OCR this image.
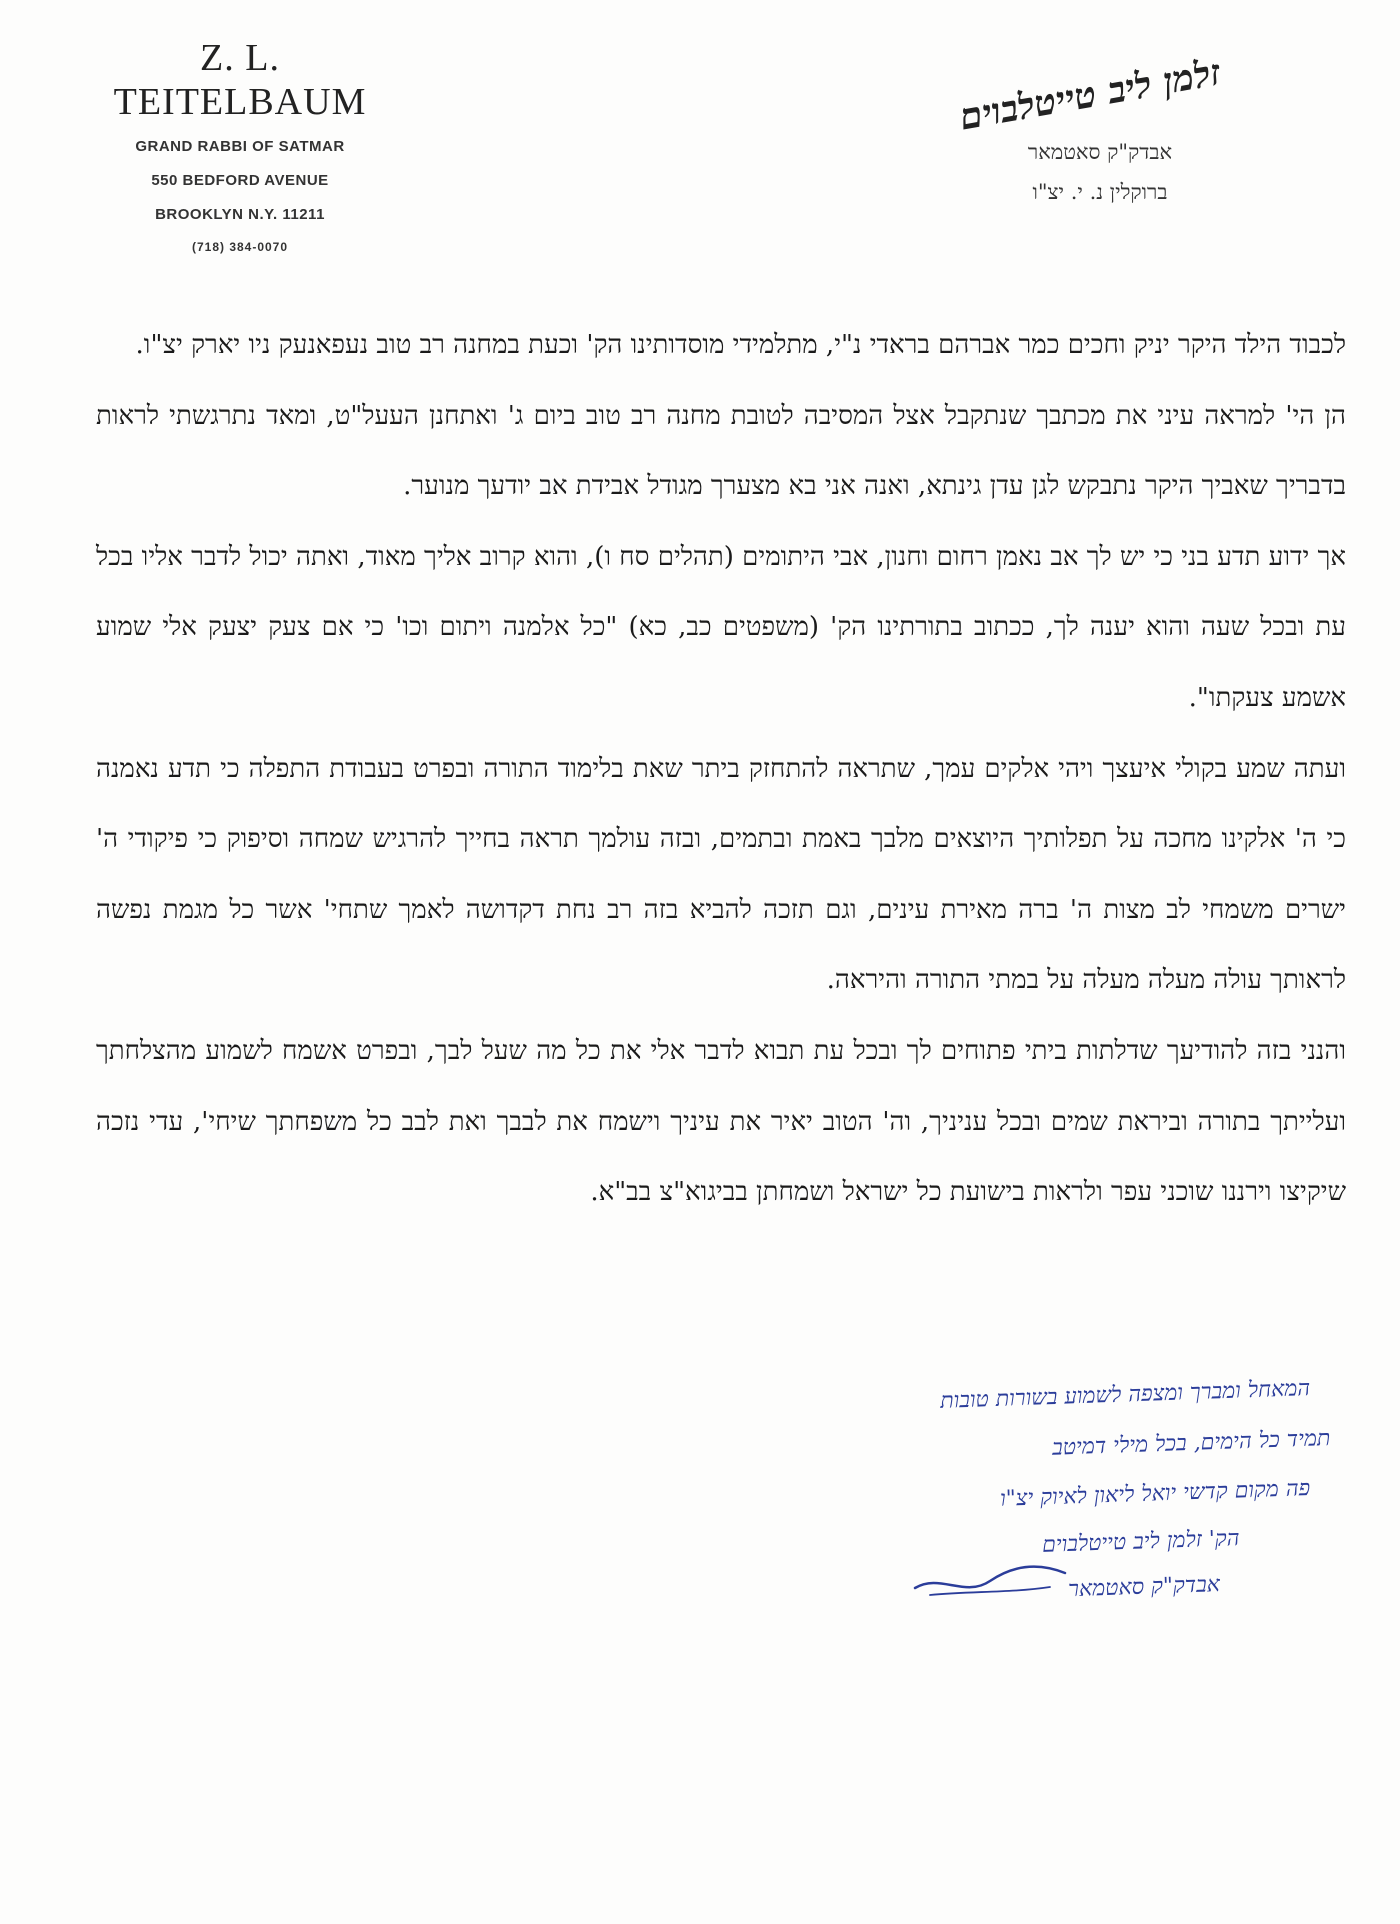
Z. L. TEITELBAUM
GRAND RABBI OF SATMAR
550 BEDFORD AVENUE
BROOKLYN N.Y. 11211
(718) 384-0070
זלמן ליב טייטלבוים
אבדק"ק סאטמאר
ברוקלין נ. י. יצ"ו

לכבוד הילד היקר יניק וחכים כמר אברהם בראדי נ"י, מתלמידי מוסדותינו הק' וכעת במחנה רב טוב נעפאנעק ניו יארק יצ"ו.

הן הי' למראה עיני את מכתבך שנתקבל אצל המסיבה לטובת מחנה רב טוב ביום ג' ואתחנן העעל"ט, ומאד נתרגשתי לראות בדבריך שאביך היקר נתבקש לגן עדן גינתא, ואנה אני בא מצערך מגודל אבידת אב יודעך מנוער.

אך ידוע תדע בני כי יש לך אב נאמן רחום וחנון, אבי היתומים (תהלים סח ו), והוא קרוב אליך מאוד, ואתה יכול לדבר אליו בכל עת ובכל שעה והוא יענה לך, ככתוב בתורתינו הק' (משפטים כב, כא) "כל אלמנה ויתום וכו' כי אם צעק יצעק אלי שמוע אשמע צעקתו".

ועתה שמע בקולי איעצך ויהי אלקים עמך, שתראה להתחזק ביתר שאת בלימוד התורה ובפרט בעבודת התפלה כי תדע נאמנה כי ה' אלקינו מחכה על תפלותיך היוצאים מלבך באמת ובתמים, ובזה עולמך תראה בחייך להרגיש שמחה וסיפוק כי פיקודי ה' ישרים משמחי לב מצות ה' ברה מאירת עינים, וגם תזכה להביא בזה רב נחת דקדושה לאמך שתחי' אשר כל מגמת נפשה לראותך עולה מעלה מעלה על במתי התורה והיראה.

והנני בזה להודיעך שדלתות ביתי פתוחים לך ובכל עת תבוא לדבר אלי את כל מה שעל לבך, ובפרט אשמח לשמוע מהצלחתך ועלייתך בתורה וביראת שמים ובכל עניניך, וה' הטוב יאיר את עיניך וישמח את לבבך ואת לבב כל משפחתך שיחי', עדי נזכה שיקיצו וירננו שוכני עפר ולראות בישועת כל ישראל ושמחתן בביגוא"צ בב"א.

המאחל ומברך ומצפה לשמוע בשורות טובות
תמיד כל הימים, בכל מילי דמיטב
פה מקום קדשי יואל ליאון לאיוק יצ"ו
הק' זלמן ליב טייטלבוים
אבדק"ק סאטמאר
